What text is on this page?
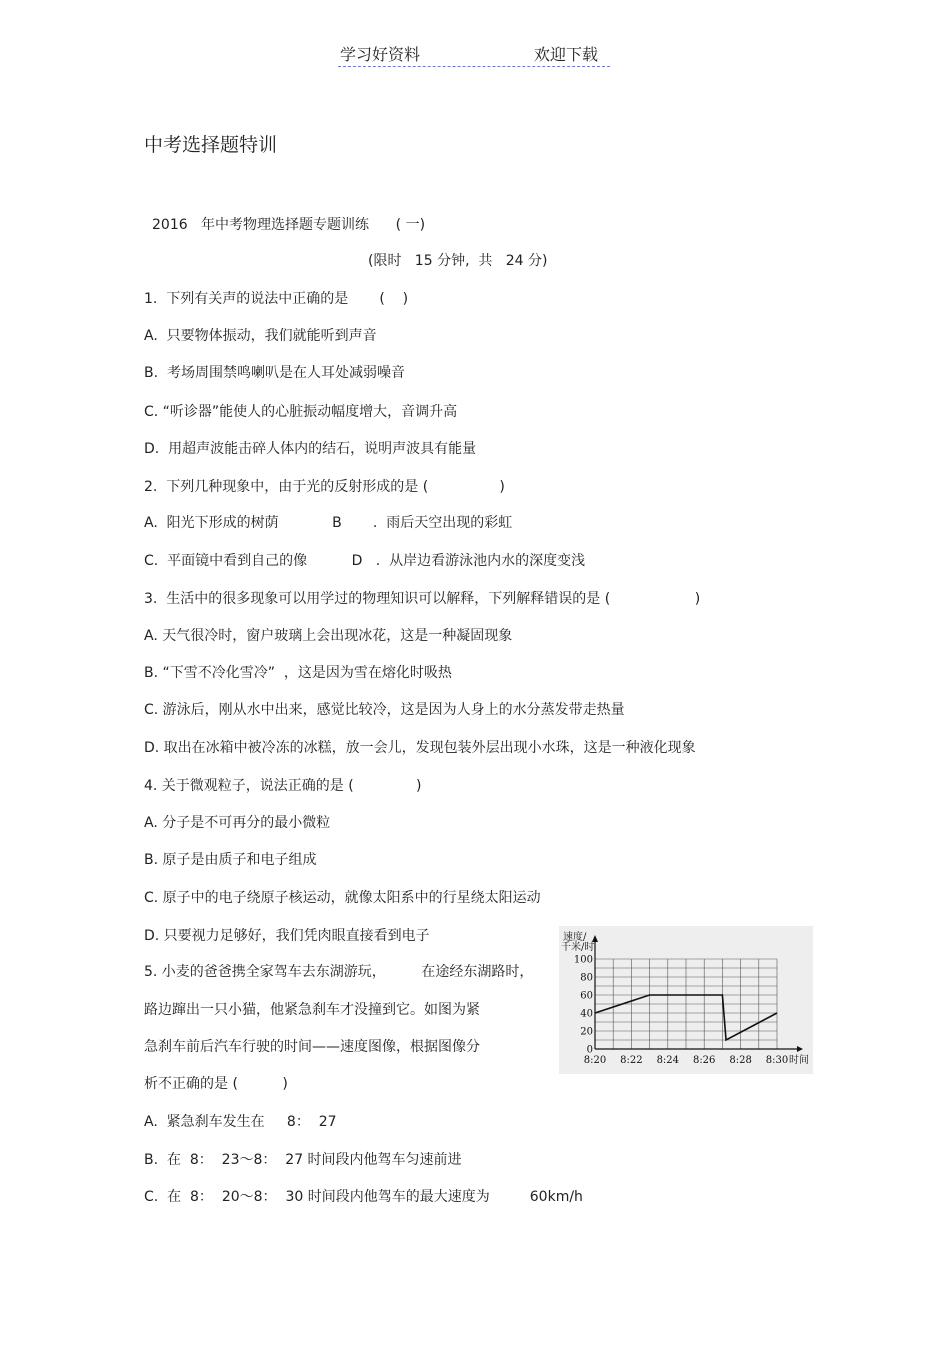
学习好资料	欢迎下载
中考选择题特训
2016   年中考物理选择题专题训练      ( 一)
(限时   15 分钟,  共   24 分)
1.  下列有关声的说法中正确的是       (    )
A.  只要物体振动，我们就能听到声音
B.  考场周围禁鸣喇叭是在人耳处减弱噪音
C. “听诊器”能使人的心脏振动幅度增大，音调升高
D.  用超声波能击碎人体内的结石，说明声波具有能量
2.  下列几种现象中，由于光的反射形成的是 (                )
A.  阳光下形成的树荫            B       .  雨后天空出现的彩虹
C.  平面镜中看到自己的像          D   .  从岸边看游泳池内水的深度变浅
3.  生活中的很多现象可以用学过的物理知识可以解释，下列解释错误的是 (                   )
A. 天气很冷时，窗户玻璃上会出现冰花，这是一种凝固现象
B. “下雪不冷化雪冷”  ，这是因为雪在熔化时吸热
C. 游泳后，刚从水中出来，感觉比较冷，这是因为人身上的水分蒸发带走热量
D. 取出在冰箱中被冷冻的冰糕，放一会儿，发现包装外层出现小水珠，这是一种液化现象
4. 关于微观粒子，说法正确的是 (              )
A. 分子是不可再分的最小微粒
B. 原子是由质子和电子组成
C. 原子中的电子绕原子核运动，就像太阳系中的行星绕太阳运动
D. 只要视力足够好，我们凭肉眼直接看到电子
5. 小麦的爸爸携全家驾车去东湖游玩，        在途经东湖路时，
路边蹿出一只小猫，他紧急刹车才没撞到它。如图为紧
急刹车前后汽车行驶的时间——速度图像，根据图像分
析不正确的是 (          )
A.  紧急刹车发生在     8：  27
B.  在  8：  23～8：  27 时间段内他驾车匀速前进
C.  在  8：  20～8：  30 时间段内他驾车的最大速度为         60km/h
0
20
40
60
80
100
8:20 8:22 8:24 8:26 8:28 8:30
速度/
千米/时
时间
